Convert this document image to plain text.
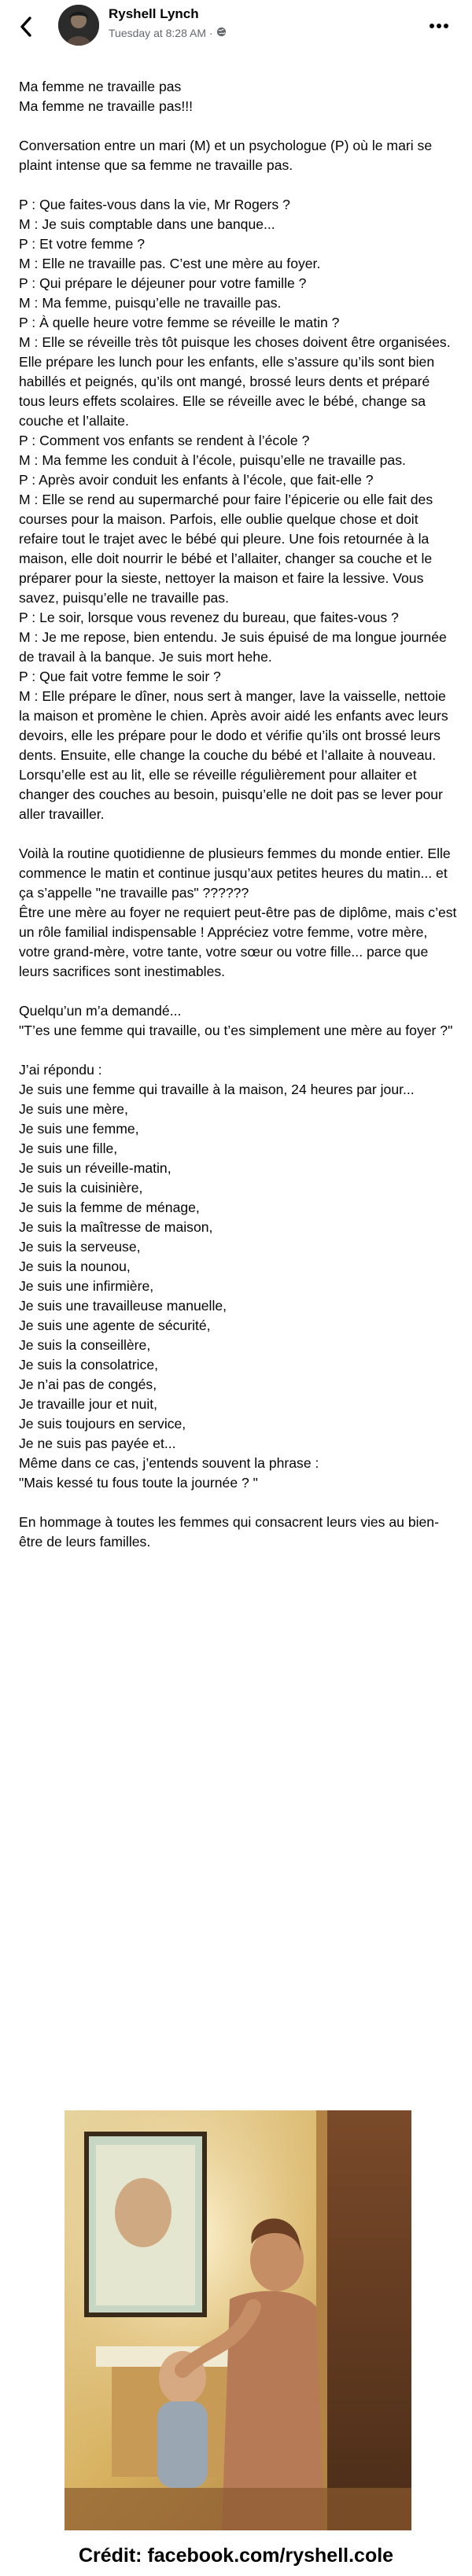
Ryshell Lynch
Tuesday at 8:28 AM ·

Ma femme ne travaille pas

Ma femme ne travaille pas!!!

Conversation entre un mari (M) et un psychologue (P) où le mari se plaint intense que sa femme ne travaille pas.

P : Que faites-vous dans la vie, Mr Rogers ?

M : Je suis comptable dans une banque...

P : Et votre femme ?

M : Elle ne travaille pas. C’est une mère au foyer.

P : Qui prépare le déjeuner pour votre famille ?

M : Ma femme, puisqu’elle ne travaille pas.

P : À quelle heure votre femme se réveille le matin ?

M : Elle se réveille très tôt puisque les choses doivent être organisées. Elle prépare les lunch pour les enfants, elle s’assure qu’ils sont bien habillés et peignés, qu’ils ont mangé, brossé leurs dents et préparé tous leurs effets scolaires. Elle se réveille avec le bébé, change sa couche et l’allaite.

P : Comment vos enfants se rendent à l’école ?

M : Ma femme les conduit à l’école, puisqu’elle ne travaille pas.

P : Après avoir conduit les enfants à l’école, que fait-elle ?

M : Elle se rend au supermarché pour faire l’épicerie ou elle fait des courses pour la maison. Parfois, elle oublie quelque chose et doit refaire tout le trajet avec le bébé qui pleure. Une fois retournée à la maison, elle doit nourrir le bébé et l’allaiter, changer sa couche et le préparer pour la sieste, nettoyer la maison et faire la lessive. Vous savez, puisqu’elle ne travaille pas.

P : Le soir, lorsque vous revenez du bureau, que faites-vous ?

M : Je me repose, bien entendu. Je suis épuisé de ma longue journée de travail à la banque. Je suis mort hehe.

P : Que fait votre femme le soir ?

M : Elle prépare le dîner, nous sert à manger, lave la vaisselle, nettoie la maison et promène le chien. Après avoir aidé les enfants avec leurs devoirs, elle les prépare pour le dodo et vérifie qu’ils ont brossé leurs dents. Ensuite, elle change la couche du bébé et l’allaite à nouveau. Lorsqu’elle est au lit, elle se réveille régulièrement pour allaiter et changer des couches au besoin, puisqu’elle ne doit pas se lever pour aller travailler.

Voilà la routine quotidienne de plusieurs femmes du monde entier. Elle commence le matin et continue jusqu’aux petites heures du matin... et ça s’appelle "ne travaille pas" ??????

Être une mère au foyer ne requiert peut-être pas de diplôme, mais c’est un rôle familial indispensable ! Appréciez votre femme, votre mère, votre grand-mère, votre tante, votre sœur ou votre fille... parce que leurs sacrifices sont inestimables.

Quelqu’un m’a demandé...

"T’es une femme qui travaille, ou t’es simplement une mère au foyer ?"

J’ai répondu :

Je suis une femme qui travaille à la maison, 24 heures par jour...

Je suis une mère,

Je suis une femme,

Je suis une fille,

Je suis un réveille-matin,

Je suis la cuisinière,

Je suis la femme de ménage,

Je suis la maîtresse de maison,

Je suis la serveuse,

Je suis la nounou,

Je suis une infirmière,

Je suis une travailleuse manuelle,

Je suis une agente de sécurité,

Je suis la conseillère,

Je suis la consolatrice,

Je n’ai pas de congés,

Je travaille jour et nuit,

Je suis toujours en service,

Je ne suis pas payée et...

Même dans ce cas, j’entends souvent la phrase :

"Mais kessé tu fous toute la journée ? "

En hommage à toutes les femmes qui consacrent leurs vies au bien-être de leurs familles.

Crédit: facebook.com/ryshell.cole
